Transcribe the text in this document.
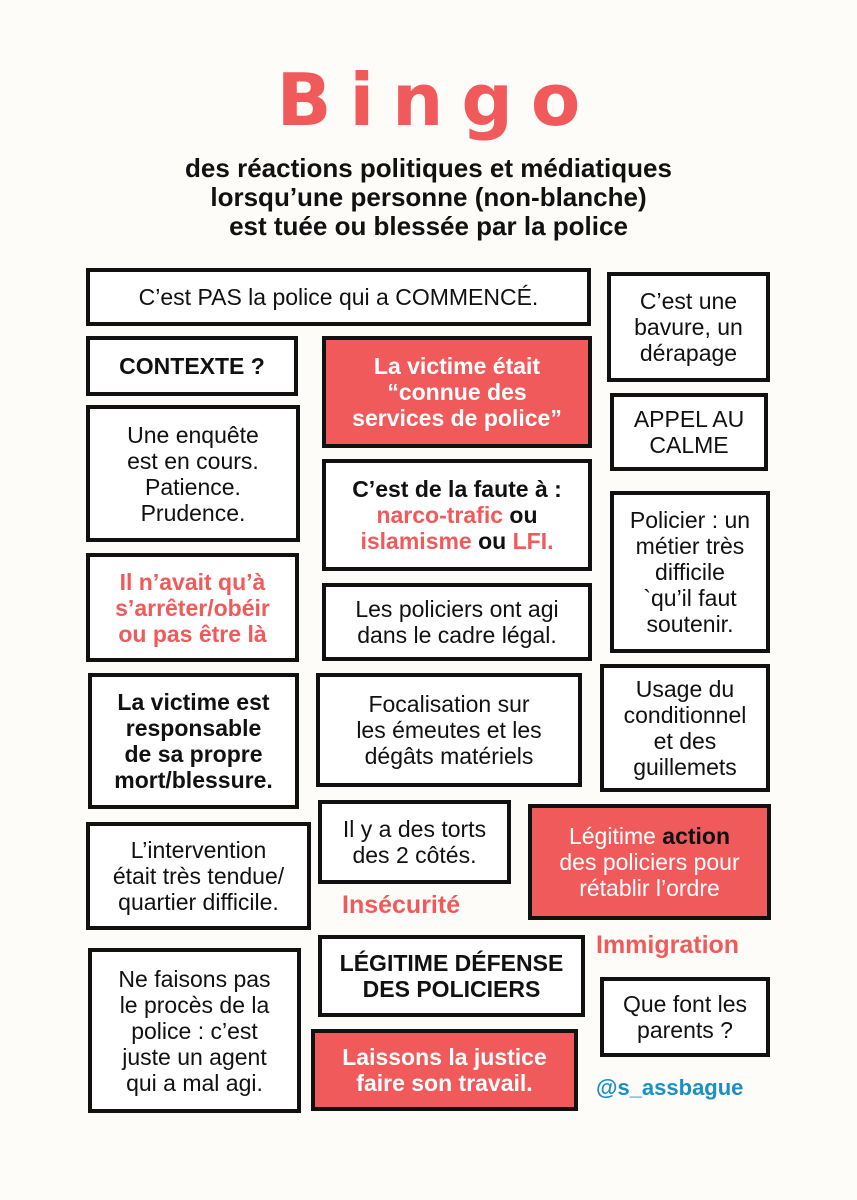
Bingo
des réactions politiques et médiatiques
lorsqu’une personne (non-blanche)
est tuée ou blessée par la police
C’est PAS la police qui a COMMENCÉ.	C’est une
bavure, un
dérapage
CONTEXTE ?	La victime était
“connue des
services de police”	APPEL AU
CALME
Une enquête
est en cours.
Patience.
Prudence.
C’est de la faute à :
narco-trafic ou
islamisme ou LFI.
Policier : un
métier très
difficile
`qu’il faut
soutenir.
Il n’avait qu’à
s’arrêter/obéir
ou pas être là
Les policiers ont agi
dans le cadre légal.
La victime est
responsable
de sa propre
mort/blessure.
Focalisation sur
les émeutes et les
dégâts matériels
Usage du
conditionnel
et des
guillemets
Il y a des torts
des 2 côtés.
Légitime action
des policiers pour
rétablir l’ordre
L’intervention
était très tendue/
quartier difficile.	Insécurité
LÉGITIME DÉFENSE
DES POLICIERS
Immigration
Ne faisons pas
le procès de la
police : c’est
juste un agent
qui a mal agi.
Que font les
parents ?
Laissons la justice
faire son travail.	@s_assbague
